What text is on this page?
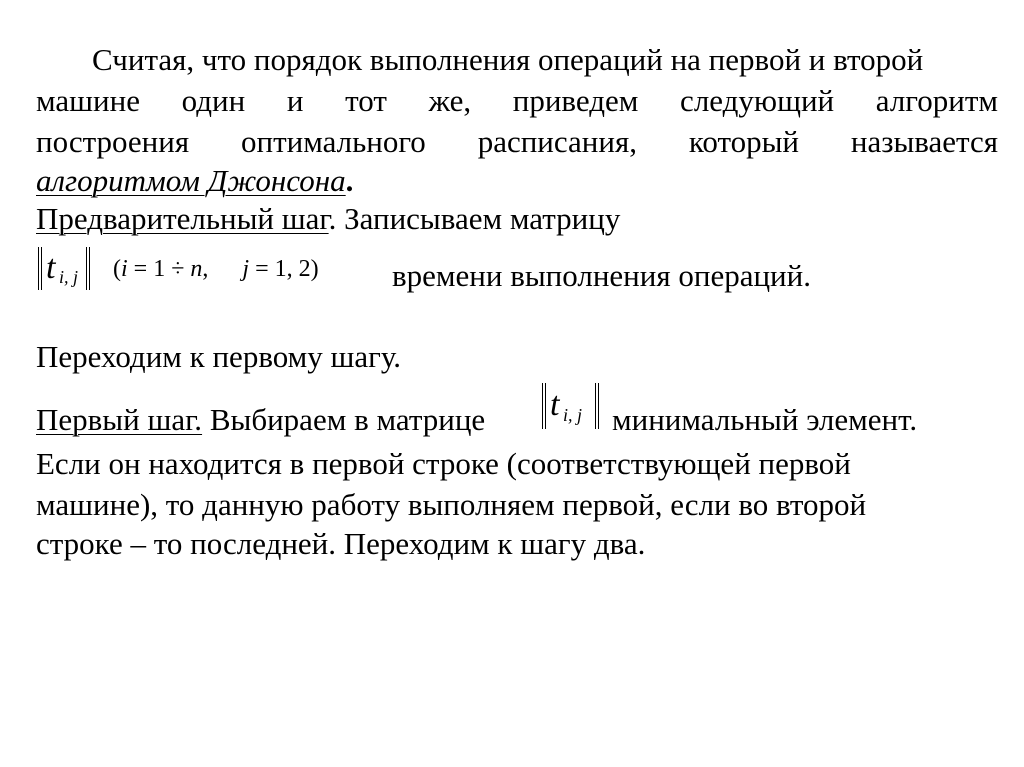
Считая, что порядок выполнения операций на первой и второй
машине один и тот же, приведем следующий алгоритм
построения оптимального расписания, который называется
алгоритмом Джонсона.
Предварительный шаг. Записываем матрицу
t i, j (i = 1 ÷ n, j = 1, 2) времени выполнения операций.
Переходим к первому шагу.
Первый шаг. Выбираем в матрице t i, j минимальный элемент.
Если он находится в первой строке (соответствующей первой
машине), то данную работу выполняем первой, если во второй
строке – то последней. Переходим к шагу два.
